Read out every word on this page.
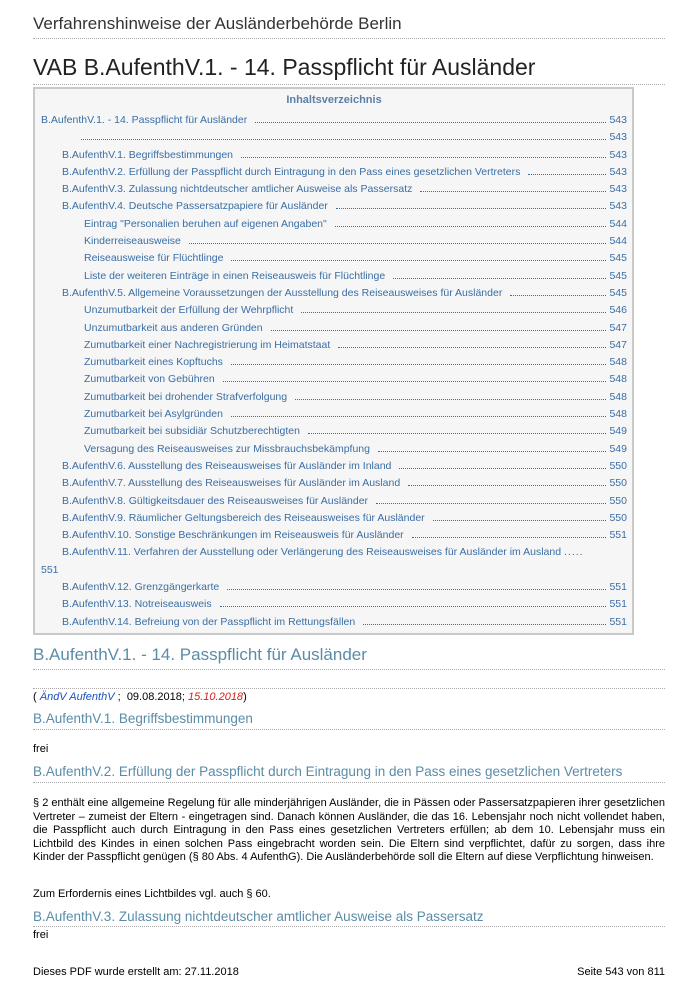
Verfahrenshinweise der Ausländerbehörde Berlin
VAB B.AufenthV.1. - 14. Passpflicht für Ausländer
Inhaltsverzeichnis
B.AufenthV.1. - 14. Passpflicht für Ausländer	543
543
B.AufenthV.1. Begriffsbestimmungen	543
B.AufenthV.2. Erfüllung der Passpflicht durch Eintragung in den Pass eines gesetzlichen Vertreters	543
B.AufenthV.3. Zulassung nichtdeutscher amtlicher Ausweise als Passersatz	543
B.AufenthV.4. Deutsche Passersatzpapiere für Ausländer	543
Eintrag "Personalien beruhen auf eigenen Angaben"	544
Kinderreiseausweise	544
Reiseausweise für Flüchtlinge	545
Liste der weiteren Einträge in einen Reiseausweis für Flüchtlinge	545
B.AufenthV.5. Allgemeine Voraussetzungen der Ausstellung des Reiseausweises für Ausländer	545
Unzumutbarkeit der Erfüllung der Wehrpflicht	546
Unzumutbarkeit aus anderen Gründen	547
Zumutbarkeit einer Nachregistrierung im Heimatstaat	547
Zumutbarkeit eines Kopftuchs	548
Zumutbarkeit von Gebühren	548
Zumutbarkeit bei drohender Strafverfolgung	548
Zumutbarkeit bei Asylgründen	548
Zumutbarkeit bei subsidiär Schutzberechtigten	549
Versagung des Reiseausweises zur Missbrauchsbekämpfung	549
B.AufenthV.6. Ausstellung des Reiseausweises für Ausländer im Inland	550
B.AufenthV.7. Ausstellung des Reiseausweises für Ausländer im Ausland	550
B.AufenthV.8. Gültigkeitsdauer des Reiseausweises für Ausländer	550
B.AufenthV.9. Räumlicher Geltungsbereich des Reiseausweises für Ausländer	550
B.AufenthV.10. Sonstige Beschränkungen im Reiseausweis für Ausländer	551
B.AufenthV.11. Verfahren der Ausstellung oder Verlängerung des Reiseausweises für Ausländer im Ausland .....
551
B.AufenthV.12. Grenzgängerkarte	551
B.AufenthV.13. Notreiseausweis	551
B.AufenthV.14. Befreiung von der Passpflicht im Rettungsfällen	551
B.AufenthV.1. - 14. Passpflicht für Ausländer
( ÄndV AufenthV ; 09.08.2018; 15.10.2018)
B.AufenthV.1. Begriffsbestimmungen
frei
B.AufenthV.2. Erfüllung der Passpflicht durch Eintragung in den Pass eines gesetzlichen Vertreters
§ 2 enthält eine allgemeine Regelung für alle minderjährigen Ausländer, die in Pässen oder Passersatzpapieren ihrer gesetzlichen Vertreter – zumeist der Eltern - eingetragen sind. Danach können Ausländer, die das 16. Lebensjahr noch nicht vollendet haben, die Passpflicht auch durch Eintragung in den Pass eines gesetzlichen Vertreters erfüllen; ab dem 10. Lebensjahr muss ein Lichtbild des Kindes in einen solchen Pass eingebracht worden sein. Die Eltern sind verpflichtet, dafür zu sorgen, dass ihre Kinder der Passpflicht genügen (§ 80 Abs. 4 AufenthG). Die Ausländerbehörde soll die Eltern auf diese Verpflichtung hinweisen.
Zum Erfordernis eines Lichtbildes vgl. auch § 60.
B.AufenthV.3. Zulassung nichtdeutscher amtlicher Ausweise als Passersatz
frei
Dieses PDF wurde erstellt am: 27.11.2018	Seite 543 von 811
